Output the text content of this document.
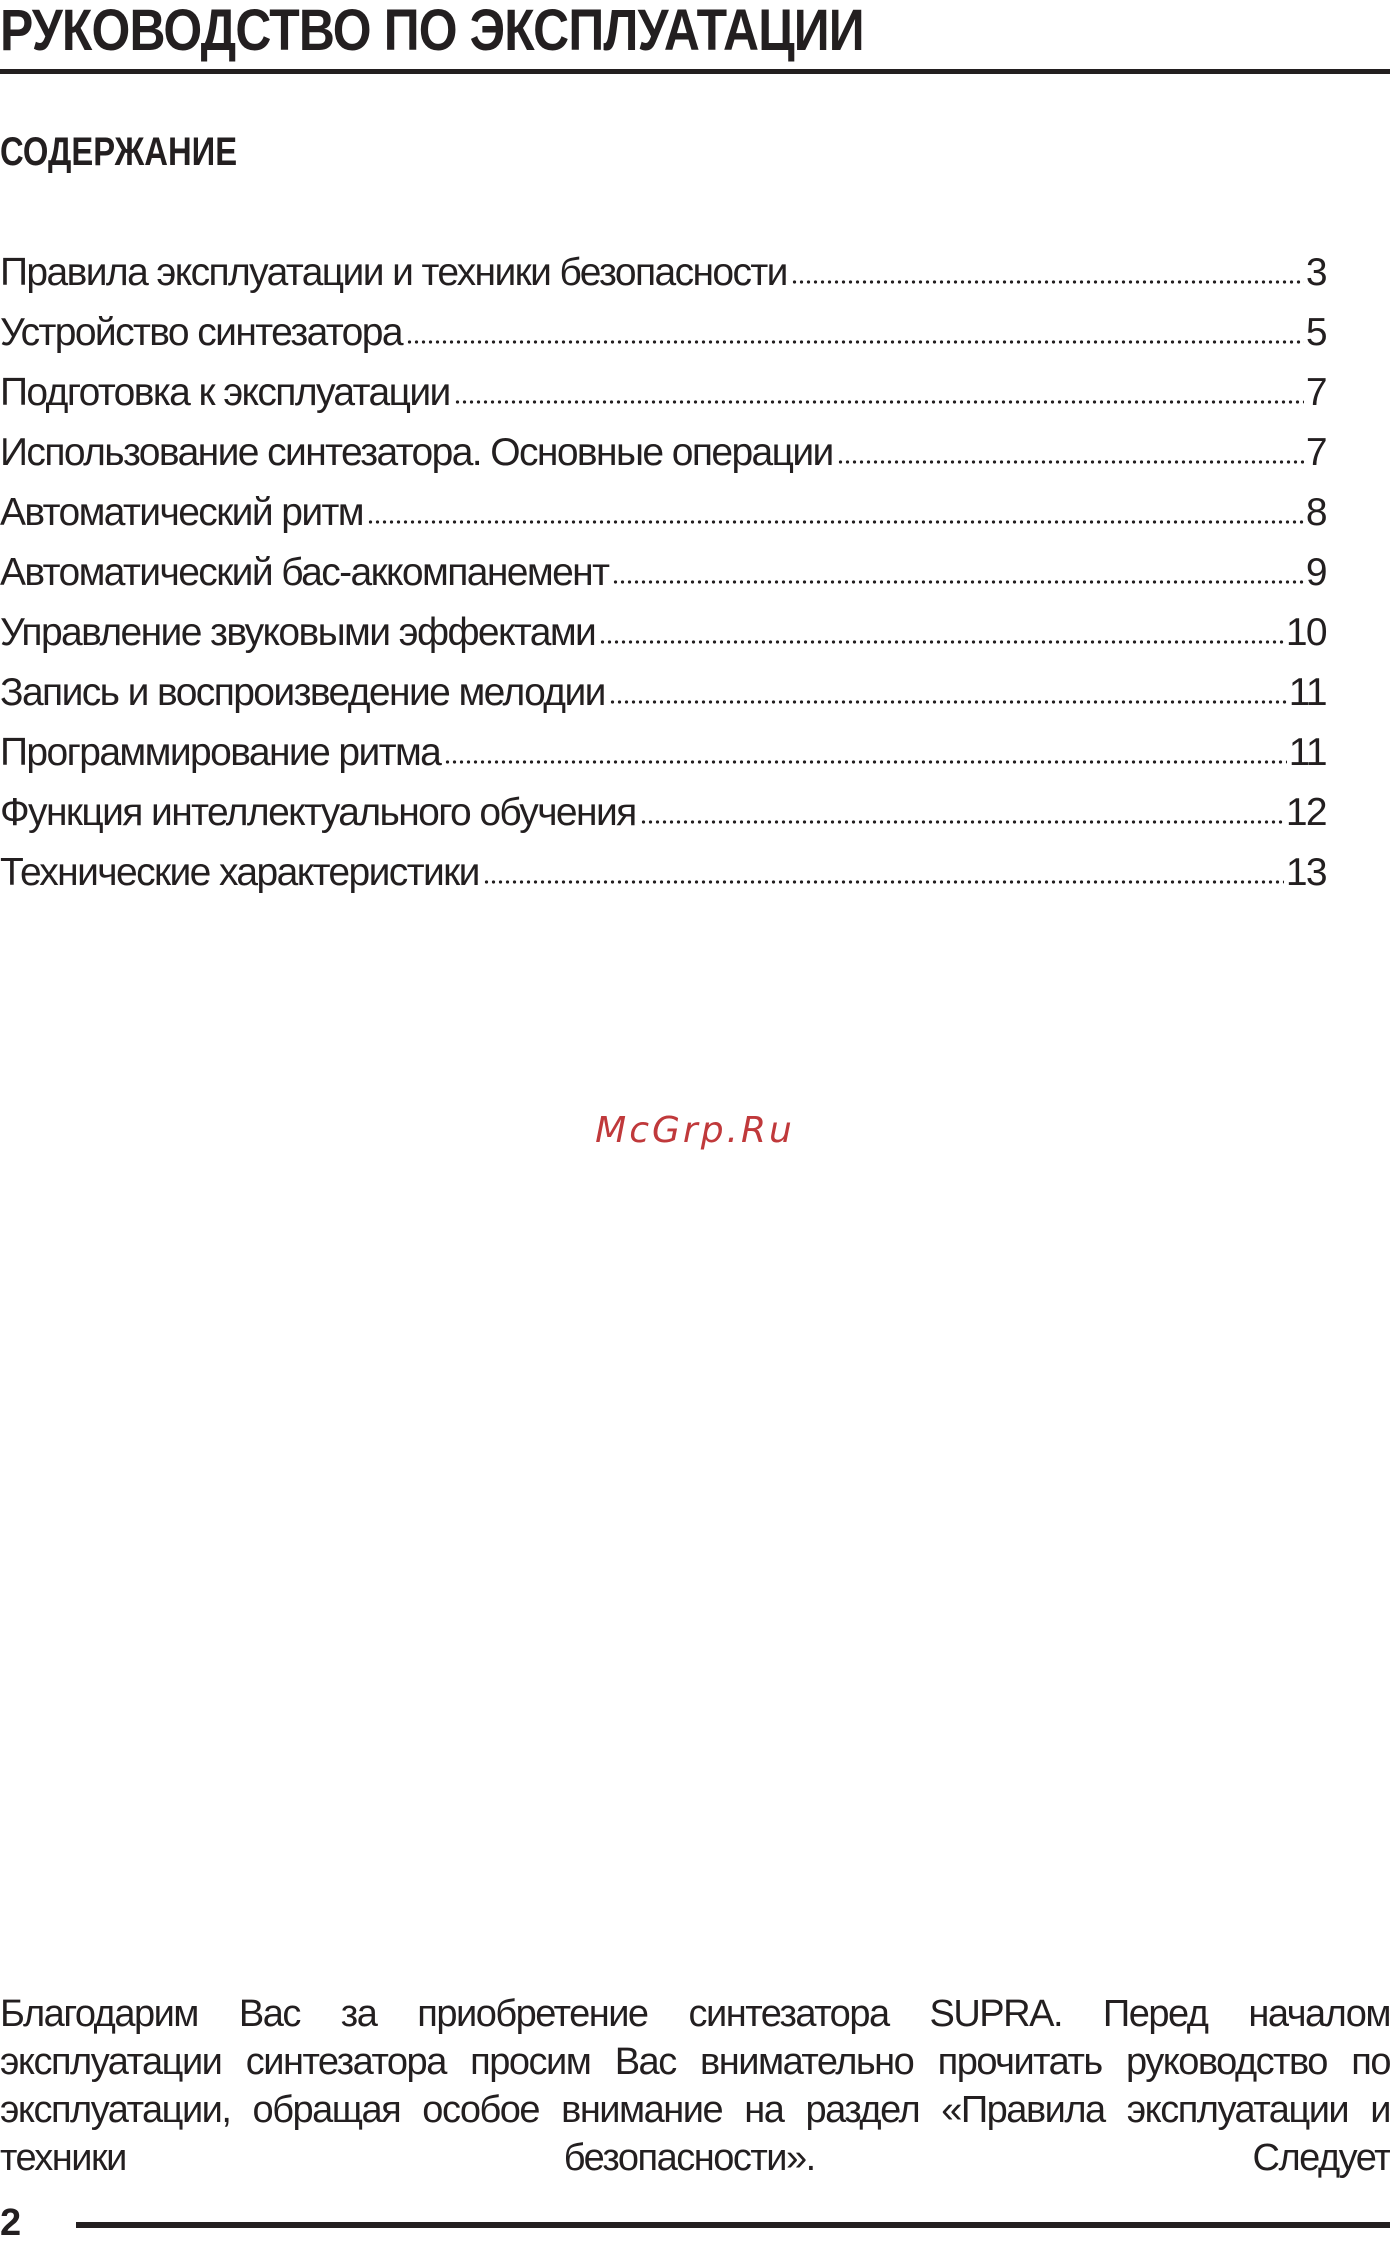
РУКОВОДСТВО ПО ЭКСПЛУАТАЦИИ
СОДЕРЖАНИЕ
Правила эксплуатации и техники безопасности	3
Устройство синтезатора	5
Подготовка к эксплуатации	7
Использование синтезатора. Основные операции	7
Автоматический ритм	8
Автоматический бас-аккомпанемент	9
Управление звуковыми эффектами	10
Запись и воспроизведение мелодии	11
Программирование ритма	11
Функция интеллектуального обучения	12
Технические характеристики	13
McGrp.Ru

Благодарим Вас за приобретение синтезатора SUPRA. Перед началом эксплуатации синтезатора просим Вас внимательно прочитать руководство по эксплуатации, обращая особое внимание на раздел «Правила эксплуатации и техники безопасности». Следует

2
